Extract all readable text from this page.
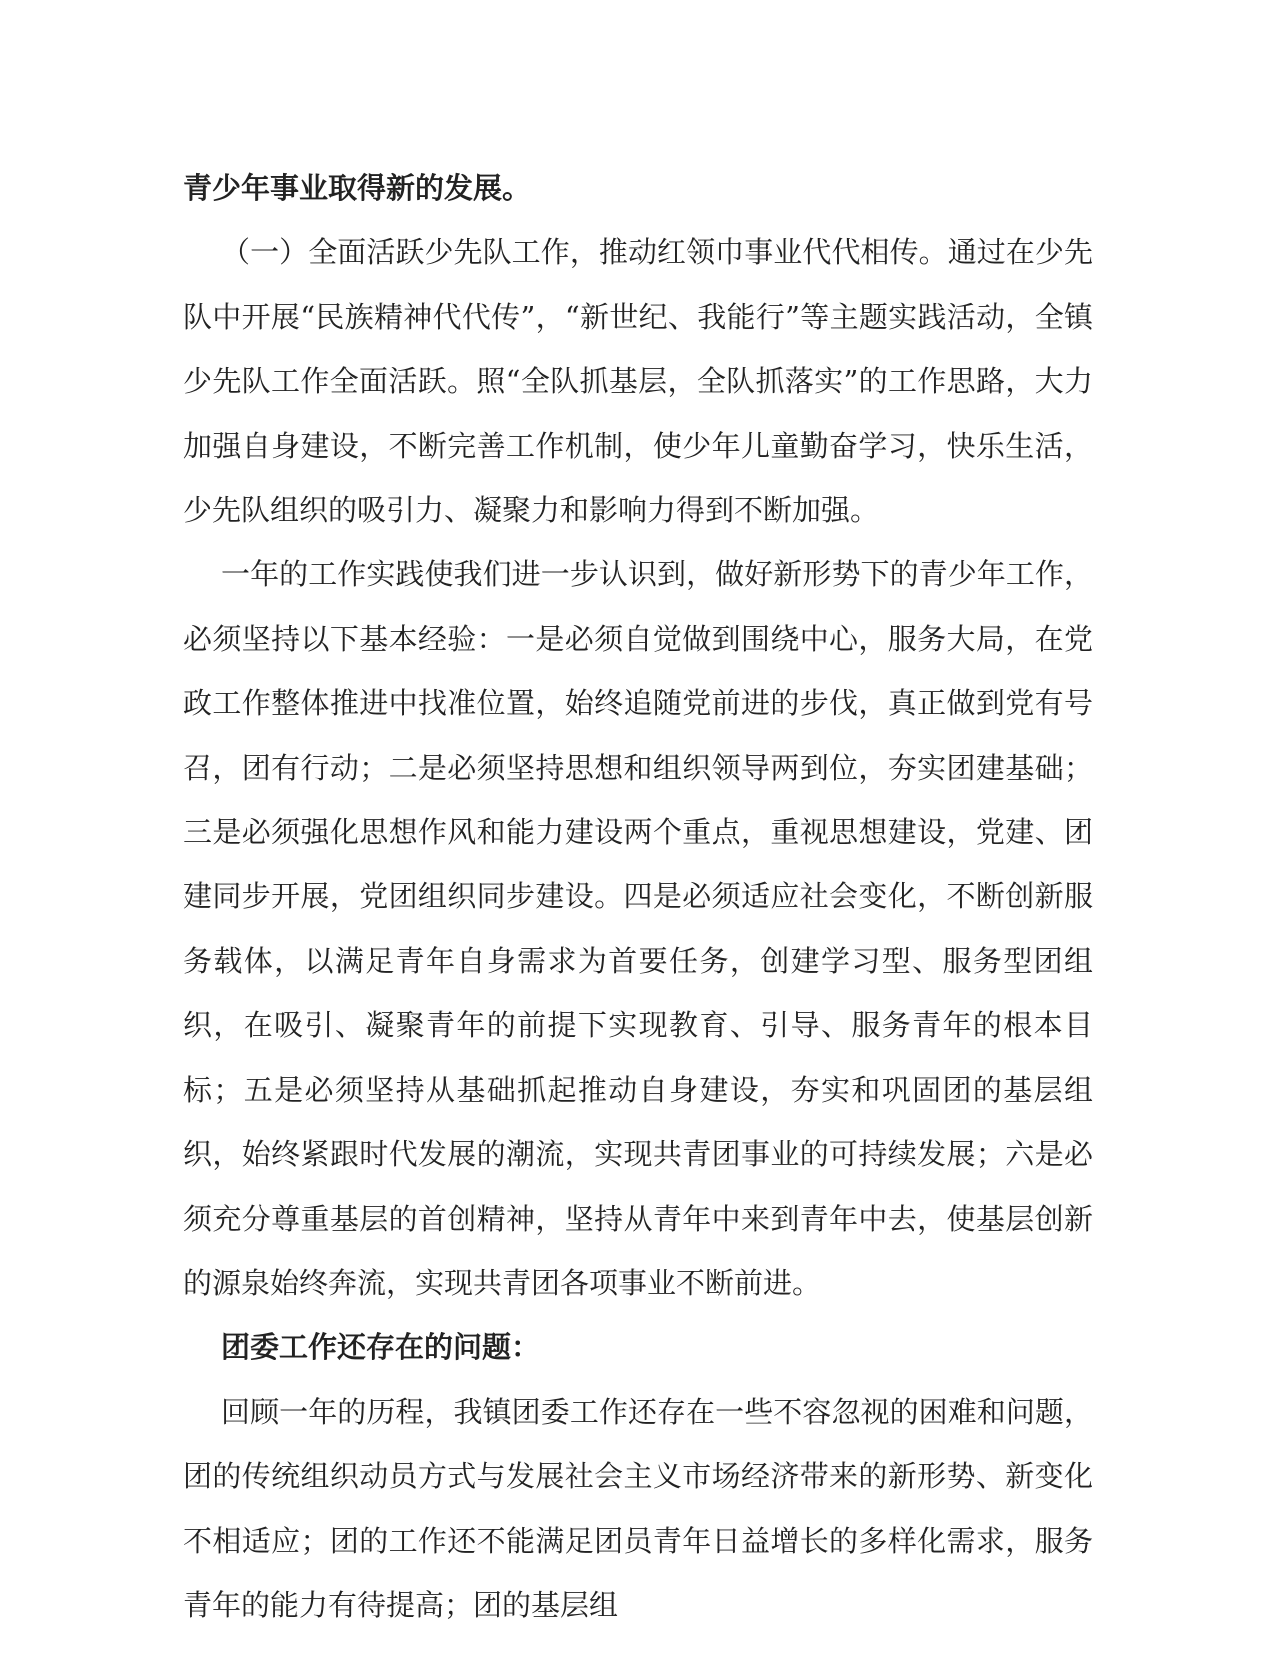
青少年事业取得新的发展。

（一）全面活跃少先队工作，推动红领巾事业代代相传。通过在少先队中开展“民族精神代代传”，“新世纪、我能行”等主题实践活动，全镇少先队工作全面活跃。照“全队抓基层，全队抓落实”的工作思路，大力加强自身建设，不断完善工作机制，使少年儿童勤奋学习，快乐生活，少先队组织的吸引力、凝聚力和影响力得到不断加强。

一年的工作实践使我们进一步认识到，做好新形势下的青少年工作，必须坚持以下基本经验：一是必须自觉做到围绕中心，服务大局，在党政工作整体推进中找准位置，始终追随党前进的步伐，真正做到党有号召，团有行动；二是必须坚持思想和组织领导两到位，夯实团建基础；三是必须强化思想作风和能力建设两个重点，重视思想建设，党建、团建同步开展，党团组织同步建设。四是必须适应社会变化，不断创新服务载体，以满足青年自身需求为首要任务，创建学习型、服务型团组织，在吸引、凝聚青年的前提下实现教育、引导、服务青年的根本目标；五是必须坚持从基础抓起推动自身建设，夯实和巩固团的基层组织，始终紧跟时代发展的潮流，实现共青团事业的可持续发展；六是必须充分尊重基层的首创精神，坚持从青年中来到青年中去，使基层创新的源泉始终奔流，实现共青团各项事业不断前进。

团委工作还存在的问题：

回顾一年的历程，我镇团委工作还存在一些不容忽视的困难和问题，团的传统组织动员方式与发展社会主义市场经济带来的新形势、新变化不相适应；团的工作还不能满足团员青年日益增长的多样化需求，服务青年的能力有待提高；团的基层组
